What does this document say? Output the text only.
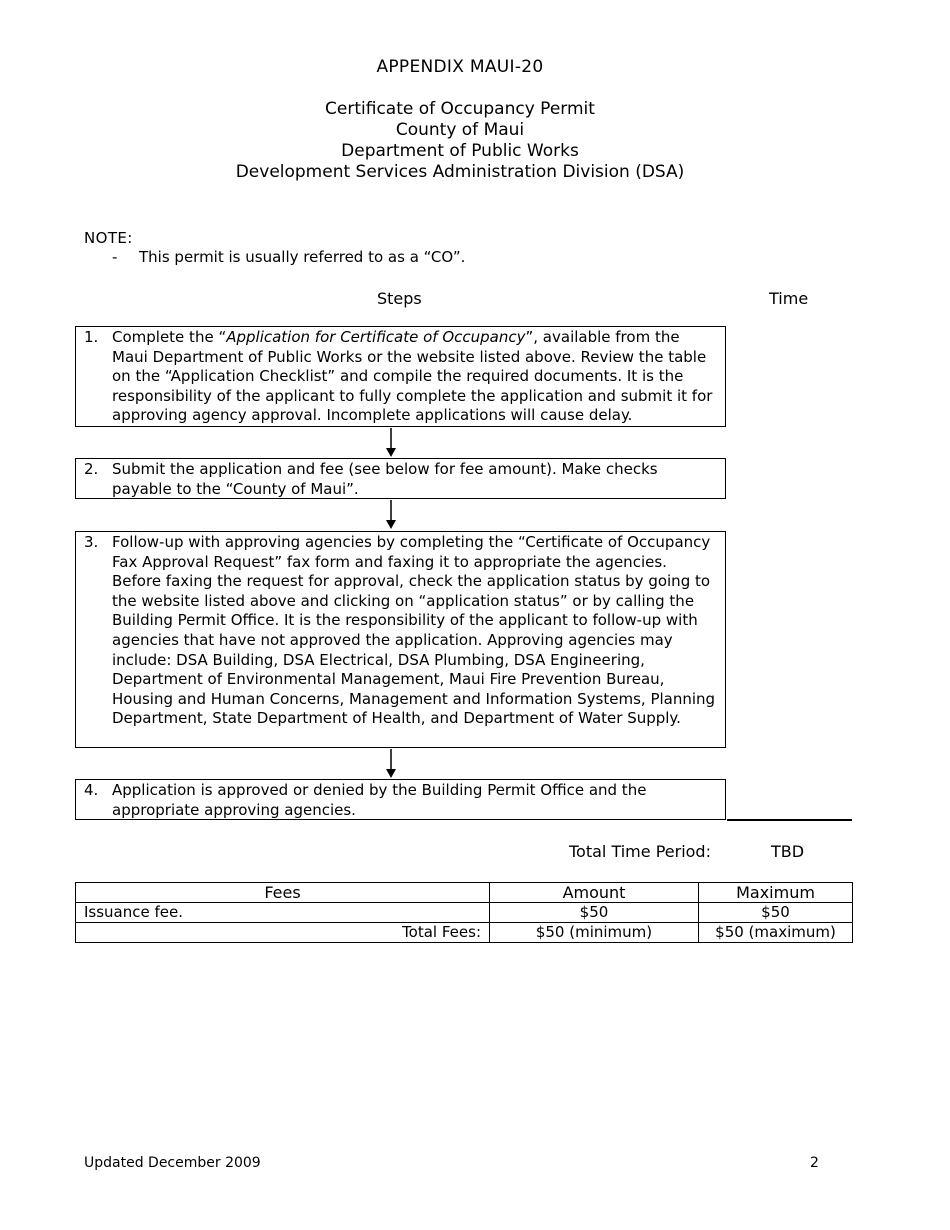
APPENDIX MAUI-20
Certificate of Occupancy Permit
County of Maui
Department of Public Works
Development Services Administration Division (DSA)
NOTE:
- This permit is usually referred to as a “CO”.
Steps	Time
1. Complete the “Application for Certificate of Occupancy”, available from the Maui Department of Public Works or the website listed above. Review the table on the “Application Checklist” and compile the required documents. It is the responsibility of the applicant to fully complete the application and submit it for approving agency approval. Incomplete applications will cause delay.
2. Submit the application and fee (see below for fee amount). Make checks payable to the “County of Maui”.
3. Follow-up with approving agencies by completing the “Certificate of Occupancy Fax Approval Request” fax form and faxing it to appropriate the agencies. Before faxing the request for approval, check the application status by going to the website listed above and clicking on “application status” or by calling the Building Permit Office. It is the responsibility of the applicant to follow-up with agencies that have not approved the application. Approving agencies may include: DSA Building, DSA Electrical, DSA Plumbing, DSA Engineering, Department of Environmental Management, Maui Fire Prevention Bureau, Housing and Human Concerns, Management and Information Systems, Planning Department, State Department of Health, and Department of Water Supply.
4. Application is approved or denied by the Building Permit Office and the appropriate approving agencies.
Total Time Period:	TBD
Fees	Amount	Maximum
Issuance fee.	$50	$50
Total Fees:	$50 (minimum)	$50 (maximum)
Updated December 2009	2
